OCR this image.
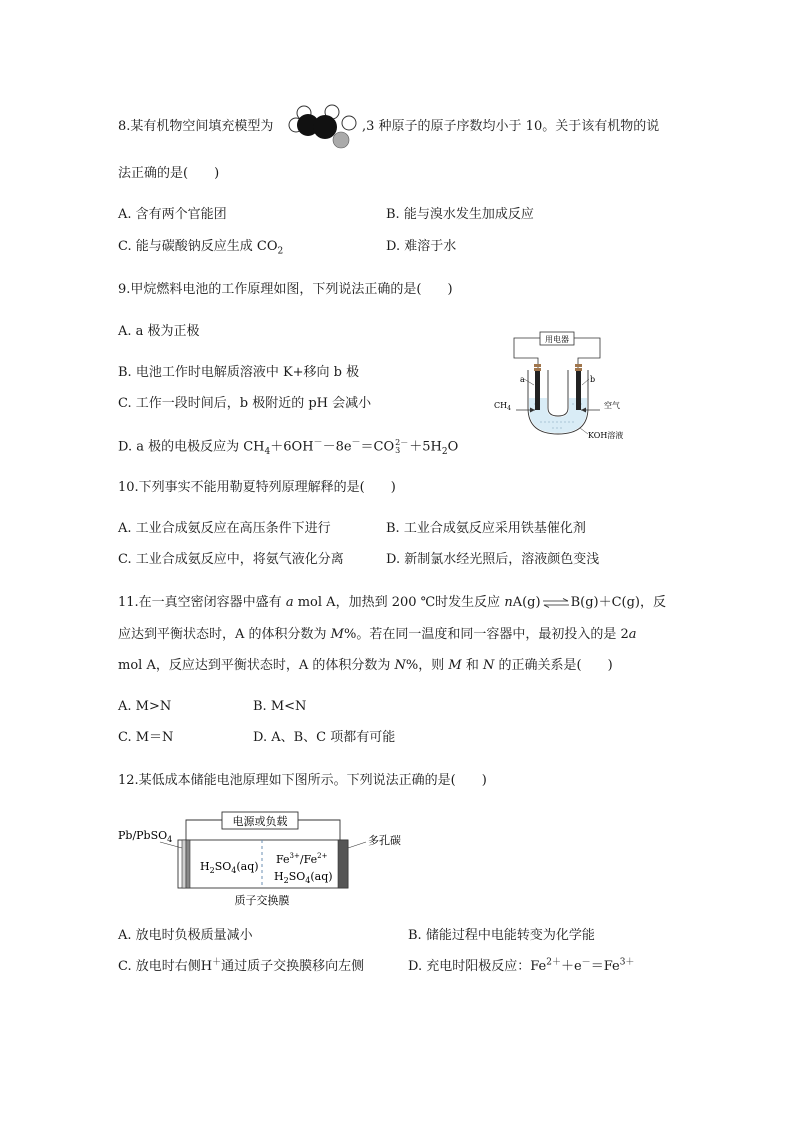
8.某有机物空间填充模型为	,3 种原子的原子序数均小于 10。关于该有机物的说
法正确的是(　　)
A. 含有两个官能团	B. 能与溴水发生加成反应
C. 能与碳酸钠反应生成 $CO_2$	D. 难溶于水
9.甲烷燃料电池的工作原理如图，下列说法正确的是(　　)
A. a 极为正极
B. 电池工作时电解质溶液中 K+移向 b 极
C. 工作一段时间后，b 极附近的 pH 会减小
D. a 极的电极反应为 $CH_4+6OH^--8e^-=CO$ 2－
$3 +5H_2O$
用电器
a	b
$CH_4$	空气
KOH溶液
10.下列事实不能用勒夏特列原理解释的是(　　)
A. 工业合成氨反应在高压条件下进行	B. 工业合成氨反应采用铁基催化剂
C. 工业合成氨反应中，将氨气液化分离	D. 新制氯水经光照后，溶液颜色变浅
11.在一真空密闭容器中盛有 a mol A，加热到 200 ℃时发生反应 nA(g)⇌B(g)＋C(g)，反
应达到平衡状态时，A 的体积分数为 M%。若在同一温度和同一容器中，最初投入的是 2a
mol A，反应达到平衡状态时，A 的体积分数为 N%，则 M 和 N 的正确关系是(　　)
A. M>N	B. M<N
C. M＝N	D. A、B、C 项都有可能
12.某低成本储能电池原理如下图所示。下列说法正确的是(　　)
电源或负载
Pb/PbSO$_4$	多孔碳
$H_2SO_4(aq)$
$Fe^{3+}/Fe^{2+}$
$H_2SO_4(aq)$
质子交换膜
A. 放电时负极质量减小	B. 储能过程中电能转变为化学能
C. 放电时右侧H＋通过质子交换膜移向左侧	D. 充电时阳极反应：$Fe^{2+}+e^-=Fe^{3+}$
